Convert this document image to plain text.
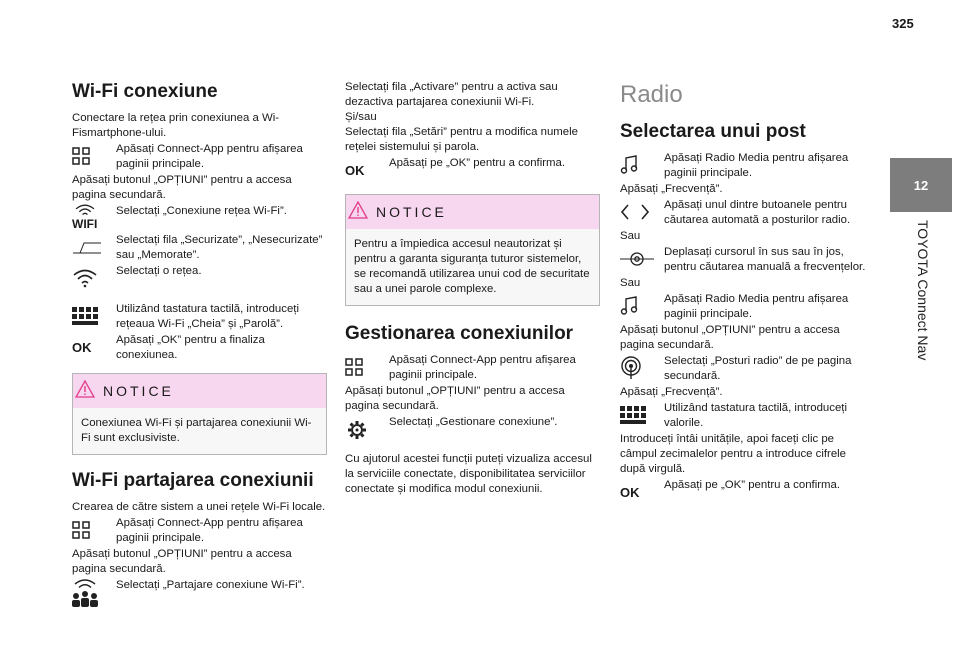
325
12
TOYOTA Connect Nav
Wi-Fi conexiune

Conectare la rețea prin conexiunea a Wi-Fismartphone-ului.

Apăsați Connect-App pentru afișarea paginii principale.

Apăsați butonul „OPȚIUNI” pentru a accesa pagina secundară.

WIFI
Selectați „Conexiune rețea Wi-Fi”.
Selectați fila „Securizate”, „Nesecurizate” sau „Memorate”.
Selectați o rețea.
Utilizând tastatura tactilă, introduceți rețeaua Wi-Fi „Cheia” și „Parolă”.
OK	Apăsați „OK” pentru a finaliza conexiunea.
NOTICE
Conexiunea Wi-Fi și partajarea conexiunii Wi-Fi sunt exclusiviste.
Wi-Fi partajarea conexiunii

Crearea de către sistem a unei rețele Wi-Fi locale.

Apăsați Connect-App pentru afișarea paginii principale.

Apăsați butonul „OPȚIUNI” pentru a accesa pagina secundară.

Selectați „Partajare conexiune Wi-Fi”.

Selectați fila „Activare” pentru a activa sau dezactiva partajarea conexiunii Wi-Fi.

Și/sau

Selectați fila „Setări” pentru a modifica numele rețelei sistemului și parola.

OK	Apăsați pe „OK” pentru a confirma.
NOTICE
Pentru a împiedica accesul neautorizat și pentru a garanta siguranța tuturor sistemelor, se recomandă utilizarea unui cod de securitate sau a unei parole complexe.
Gestionarea conexiunilor
Apăsați Connect-App pentru afișarea paginii principale.

Apăsați butonul „OPȚIUNI” pentru a accesa pagina secundară.

Selectați „Gestionare conexiune”.

Cu ajutorul acestei funcții puteți vizualiza accesul la serviciile conectate, disponibilitatea serviciilor conectate și modifica modul conexiunii.

Radio
Selectarea unui post
Apăsați Radio Media pentru afișarea paginii principale.

Apăsați „Frecvență”.

Apăsați unul dintre butoanele pentru căutarea automată a posturilor radio.

Sau

Deplasați cursorul în sus sau în jos, pentru căutarea manuală a frecvențelor.

Sau

Apăsați Radio Media pentru afișarea paginii principale.

Apăsați butonul „OPȚIUNI” pentru a accesa pagina secundară.

Selectați „Posturi radio” de pe pagina secundară.

Apăsați „Frecvență”.

Utilizând tastatura tactilă, introduceți valorile.

Introduceți întâi unitățile, apoi faceți clic pe câmpul zecimalelor pentru a introduce cifrele după virgulă.

OK	Apăsați pe „OK” pentru a confirma.
